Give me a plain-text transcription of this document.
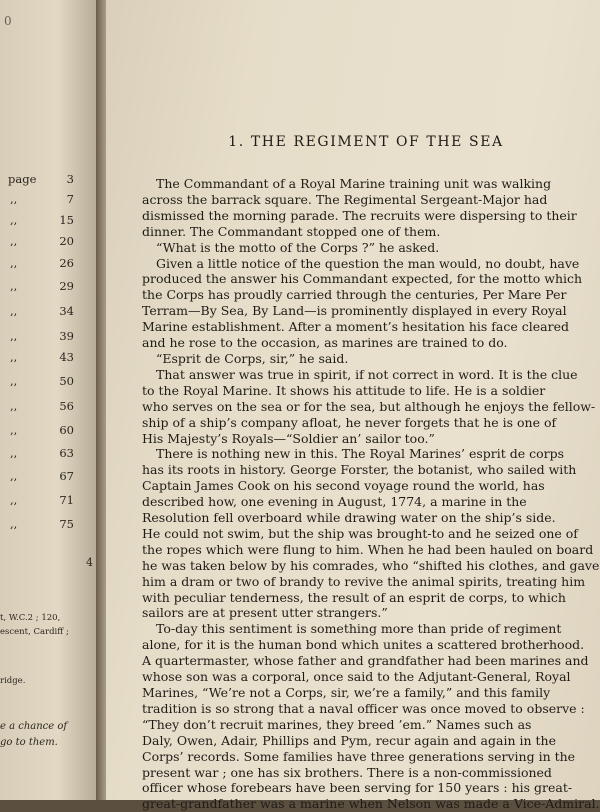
0
page	3
,,	7
,,	15
,,	20
,,	26
,,	29
,,	34
,,	39
,,	43
,,	50
,,	56
,,	60
,,	63
,,	67
,,	71
,,	75
4
t, W.C.2 ; 120,
escent, Cardiff ;
ridge.
e a chance of
go to them.
1. THE REGIMENT OF THE SEA
The Commandant of a Royal Marine training unit was walking
across the barrack square. The Regimental Sergeant-Major had
dismissed the morning parade. The recruits were dispersing to their
dinner. The Commandant stopped one of them.
“What is the motto of the Corps ?” he asked.
Given a little notice of the question the man would, no doubt, have
produced the answer his Commandant expected, for the motto which
the Corps has proudly carried through the centuries, Per Mare Per
Terram—By Sea, By Land—is prominently displayed in every Royal
Marine establishment. After a moment’s hesitation his face cleared
and he rose to the occasion, as marines are trained to do.
“Esprit de Corps, sir,” he said.
That answer was true in spirit, if not correct in word. It is the clue
to the Royal Marine. It shows his attitude to life. He is a soldier
who serves on the sea or for the sea, but although he enjoys the fellow-
ship of a ship’s company afloat, he never forgets that he is one of
His Majesty’s Royals—“Soldier an’ sailor too.”
There is nothing new in this. The Royal Marines’ esprit de corps
has its roots in history. George Forster, the botanist, who sailed with
Captain James Cook on his second voyage round the world, has
described how, one evening in August, 1774, a marine in the
Resolution fell overboard while drawing water on the ship’s side.
He could not swim, but the ship was brought-to and he seized one of
the ropes which were flung to him. When he had been hauled on board
he was taken below by his comrades, who “shifted his clothes, and gave
him a dram or two of brandy to revive the animal spirits, treating him
with peculiar tenderness, the result of an esprit de corps, to which
sailors are at present utter strangers.”
To-day this sentiment is something more than pride of regiment
alone, for it is the human bond which unites a scattered brotherhood.
A quartermaster, whose father and grandfather had been marines and
whose son was a corporal, once said to the Adjutant-General, Royal
Marines, “We’re not a Corps, sir, we’re a family,” and this family
tradition is so strong that a naval officer was once moved to observe :
“They don’t recruit marines, they breed ’em.” Names such as
Daly, Owen, Adair, Phillips and Pym, recur again and again in the
Corps’ records. Some families have three generations serving in the
present war ; one has six brothers. There is a non-commissioned
officer whose forebears have been serving for 150 years : his great-
great-grandfather was a marine when Nelson was made a Vice-Admiral.
